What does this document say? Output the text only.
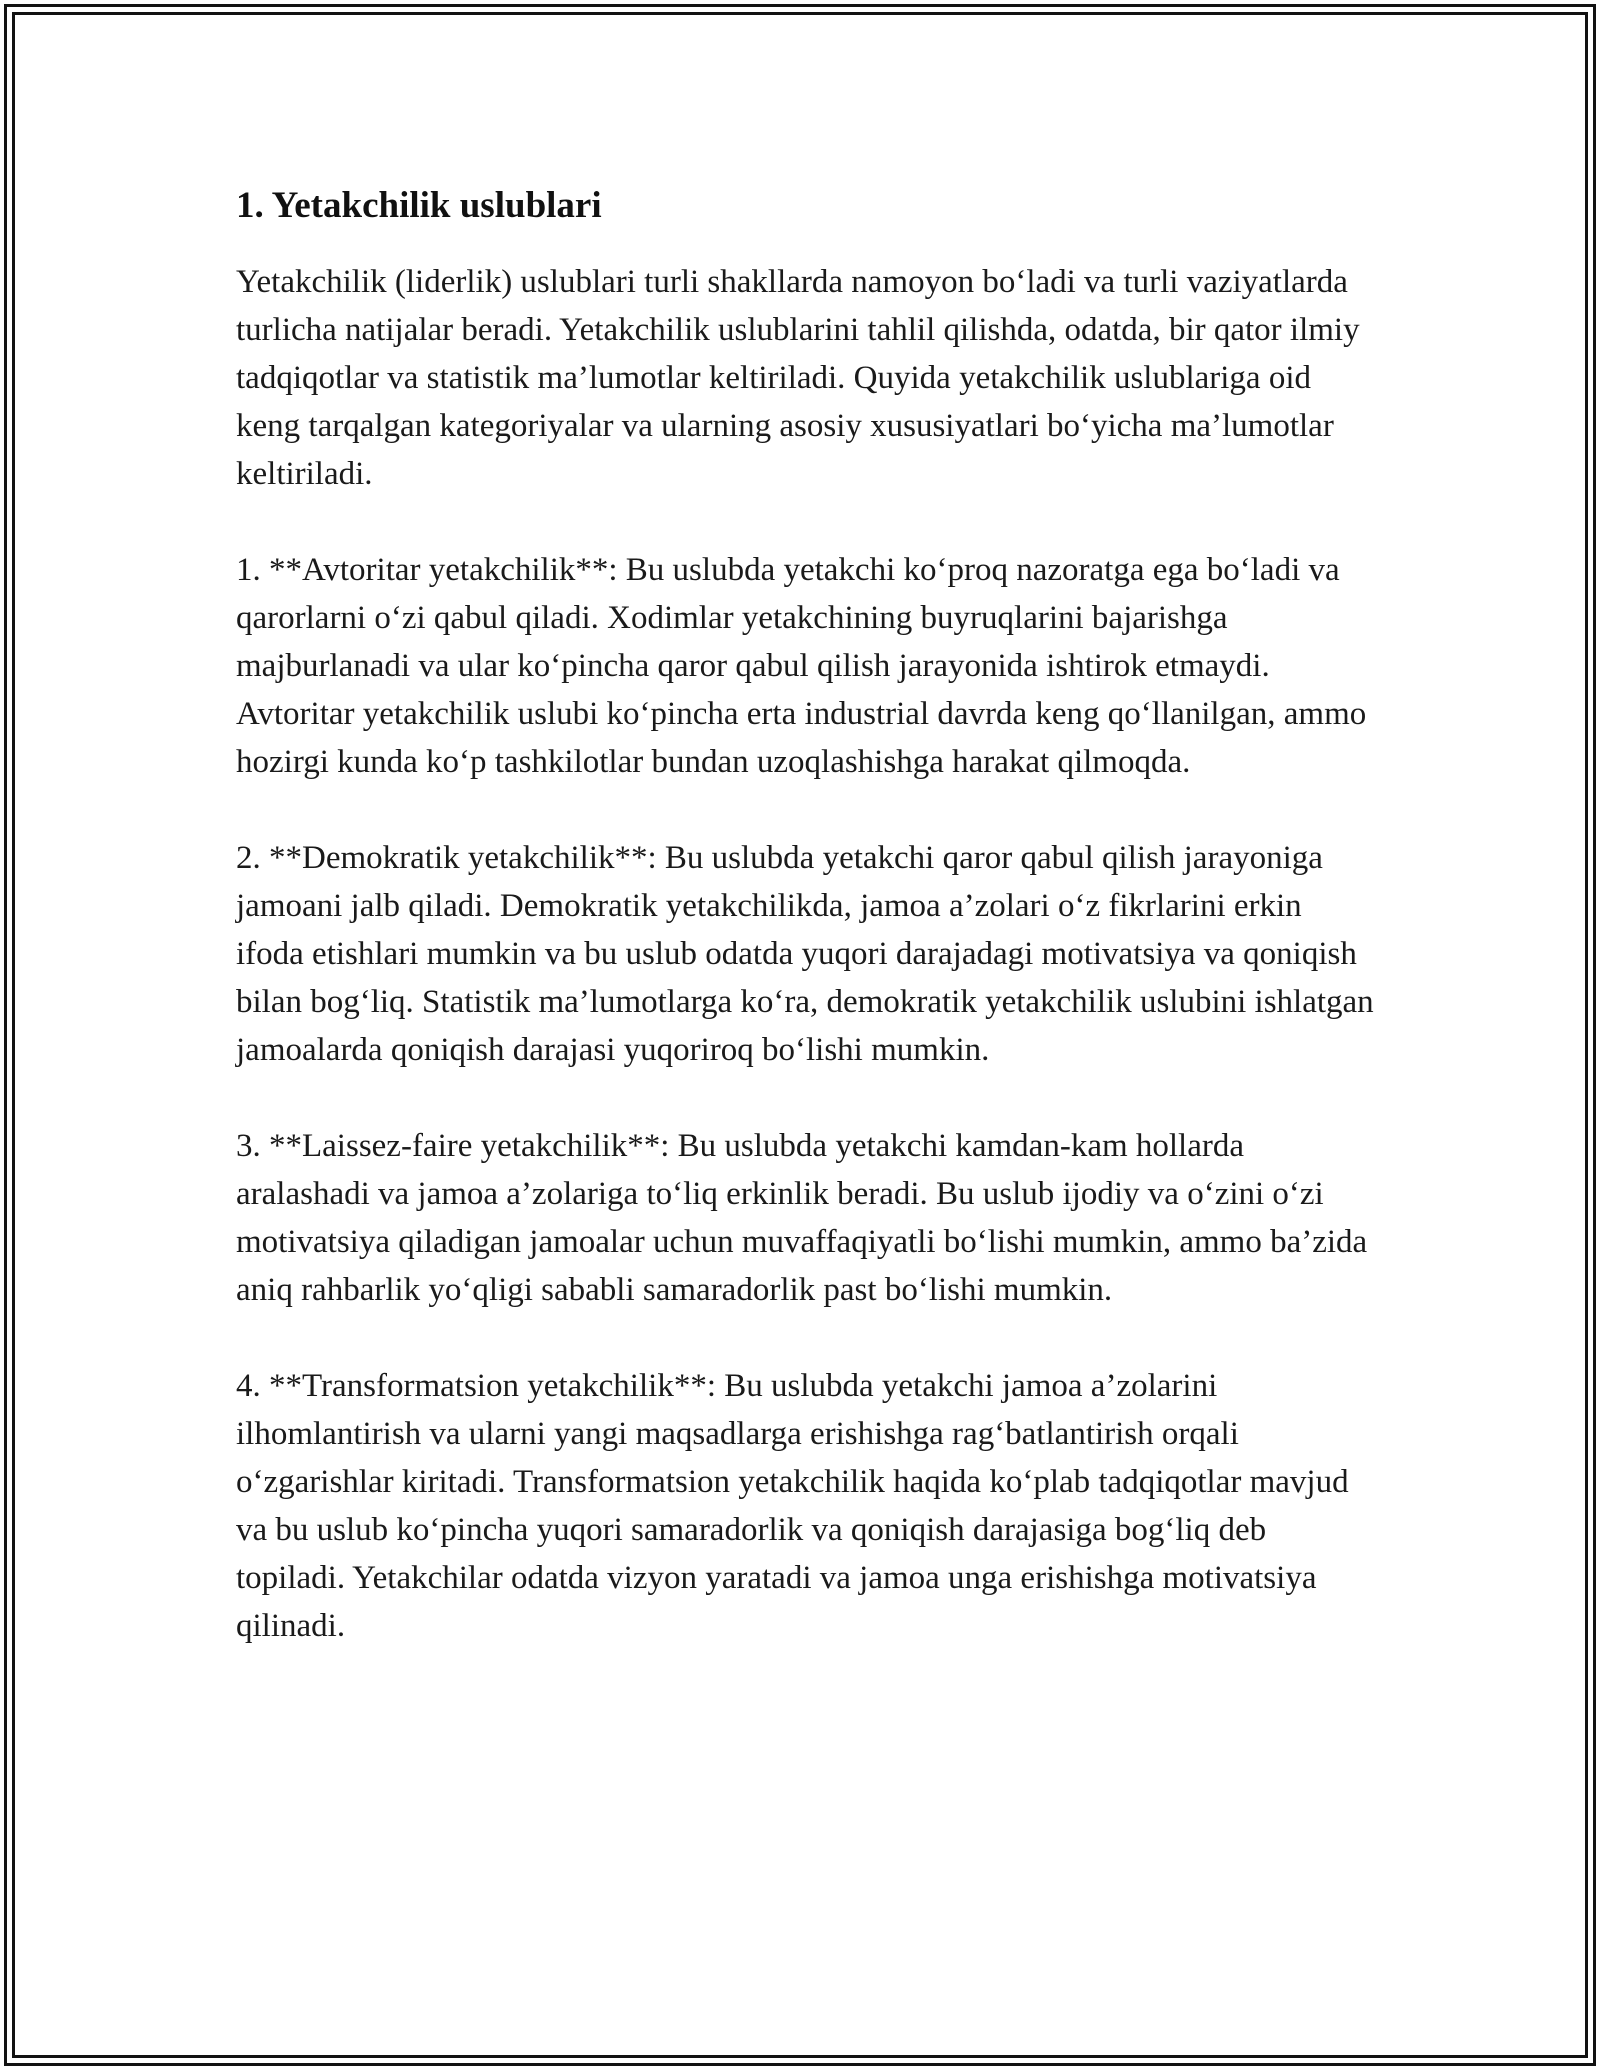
1. Yetakchilik uslublari

Yetakchilik (liderlik) uslublari turli shakllarda namoyon bo‘ladi va turli vaziyatlarda turlicha natijalar beradi. Yetakchilik uslublarini tahlil qilishda, odatda, bir qator ilmiy tadqiqotlar va statistik ma’lumotlar keltiriladi. Quyida yetakchilik uslublariga oid keng tarqalgan kategoriyalar va ularning asosiy xususiyatlari bo‘yicha ma’lumotlar keltiriladi.

1. **Avtoritar yetakchilik**: Bu uslubda yetakchi ko‘proq nazoratga ega bo‘ladi va qarorlarni o‘zi qabul qiladi. Xodimlar yetakchining buyruqlarini bajarishga majburlanadi va ular ko‘pincha qaror qabul qilish jarayonida ishtirok etmaydi. Avtoritar yetakchilik uslubi ko‘pincha erta industrial davrda keng qo‘llanilgan, ammo hozirgi kunda ko‘p tashkilotlar bundan uzoqlashishga harakat qilmoqda.

2. **Demokratik yetakchilik**: Bu uslubda yetakchi qaror qabul qilish jarayoniga jamoani jalb qiladi. Demokratik yetakchilikda, jamoa a’zolari o‘z fikrlarini erkin ifoda etishlari mumkin va bu uslub odatda yuqori darajadagi motivatsiya va qoniqish bilan bog‘liq. Statistik ma’lumotlarga ko‘ra, demokratik yetakchilik uslubini ishlatgan jamoalarda qoniqish darajasi yuqoriroq bo‘lishi mumkin.

3. **Laissez-faire yetakchilik**: Bu uslubda yetakchi kamdan-kam hollarda aralashadi va jamoa a’zolariga to‘liq erkinlik beradi. Bu uslub ijodiy va o‘zini o‘zi motivatsiya qiladigan jamoalar uchun muvaffaqiyatli bo‘lishi mumkin, ammo ba’zida aniq rahbarlik yo‘qligi sababli samaradorlik past bo‘lishi mumkin.

4. **Transformatsion yetakchilik**: Bu uslubda yetakchi jamoa a’zolarini ilhomlantirish va ularni yangi maqsadlarga erishishga rag‘batlantirish orqali o‘zgarishlar kiritadi. Transformatsion yetakchilik haqida ko‘plab tadqiqotlar mavjud va bu uslub ko‘pincha yuqori samaradorlik va qoniqish darajasiga bog‘liq deb topiladi. Yetakchilar odatda vizyon yaratadi va jamoa unga erishishga motivatsiya qilinadi.
